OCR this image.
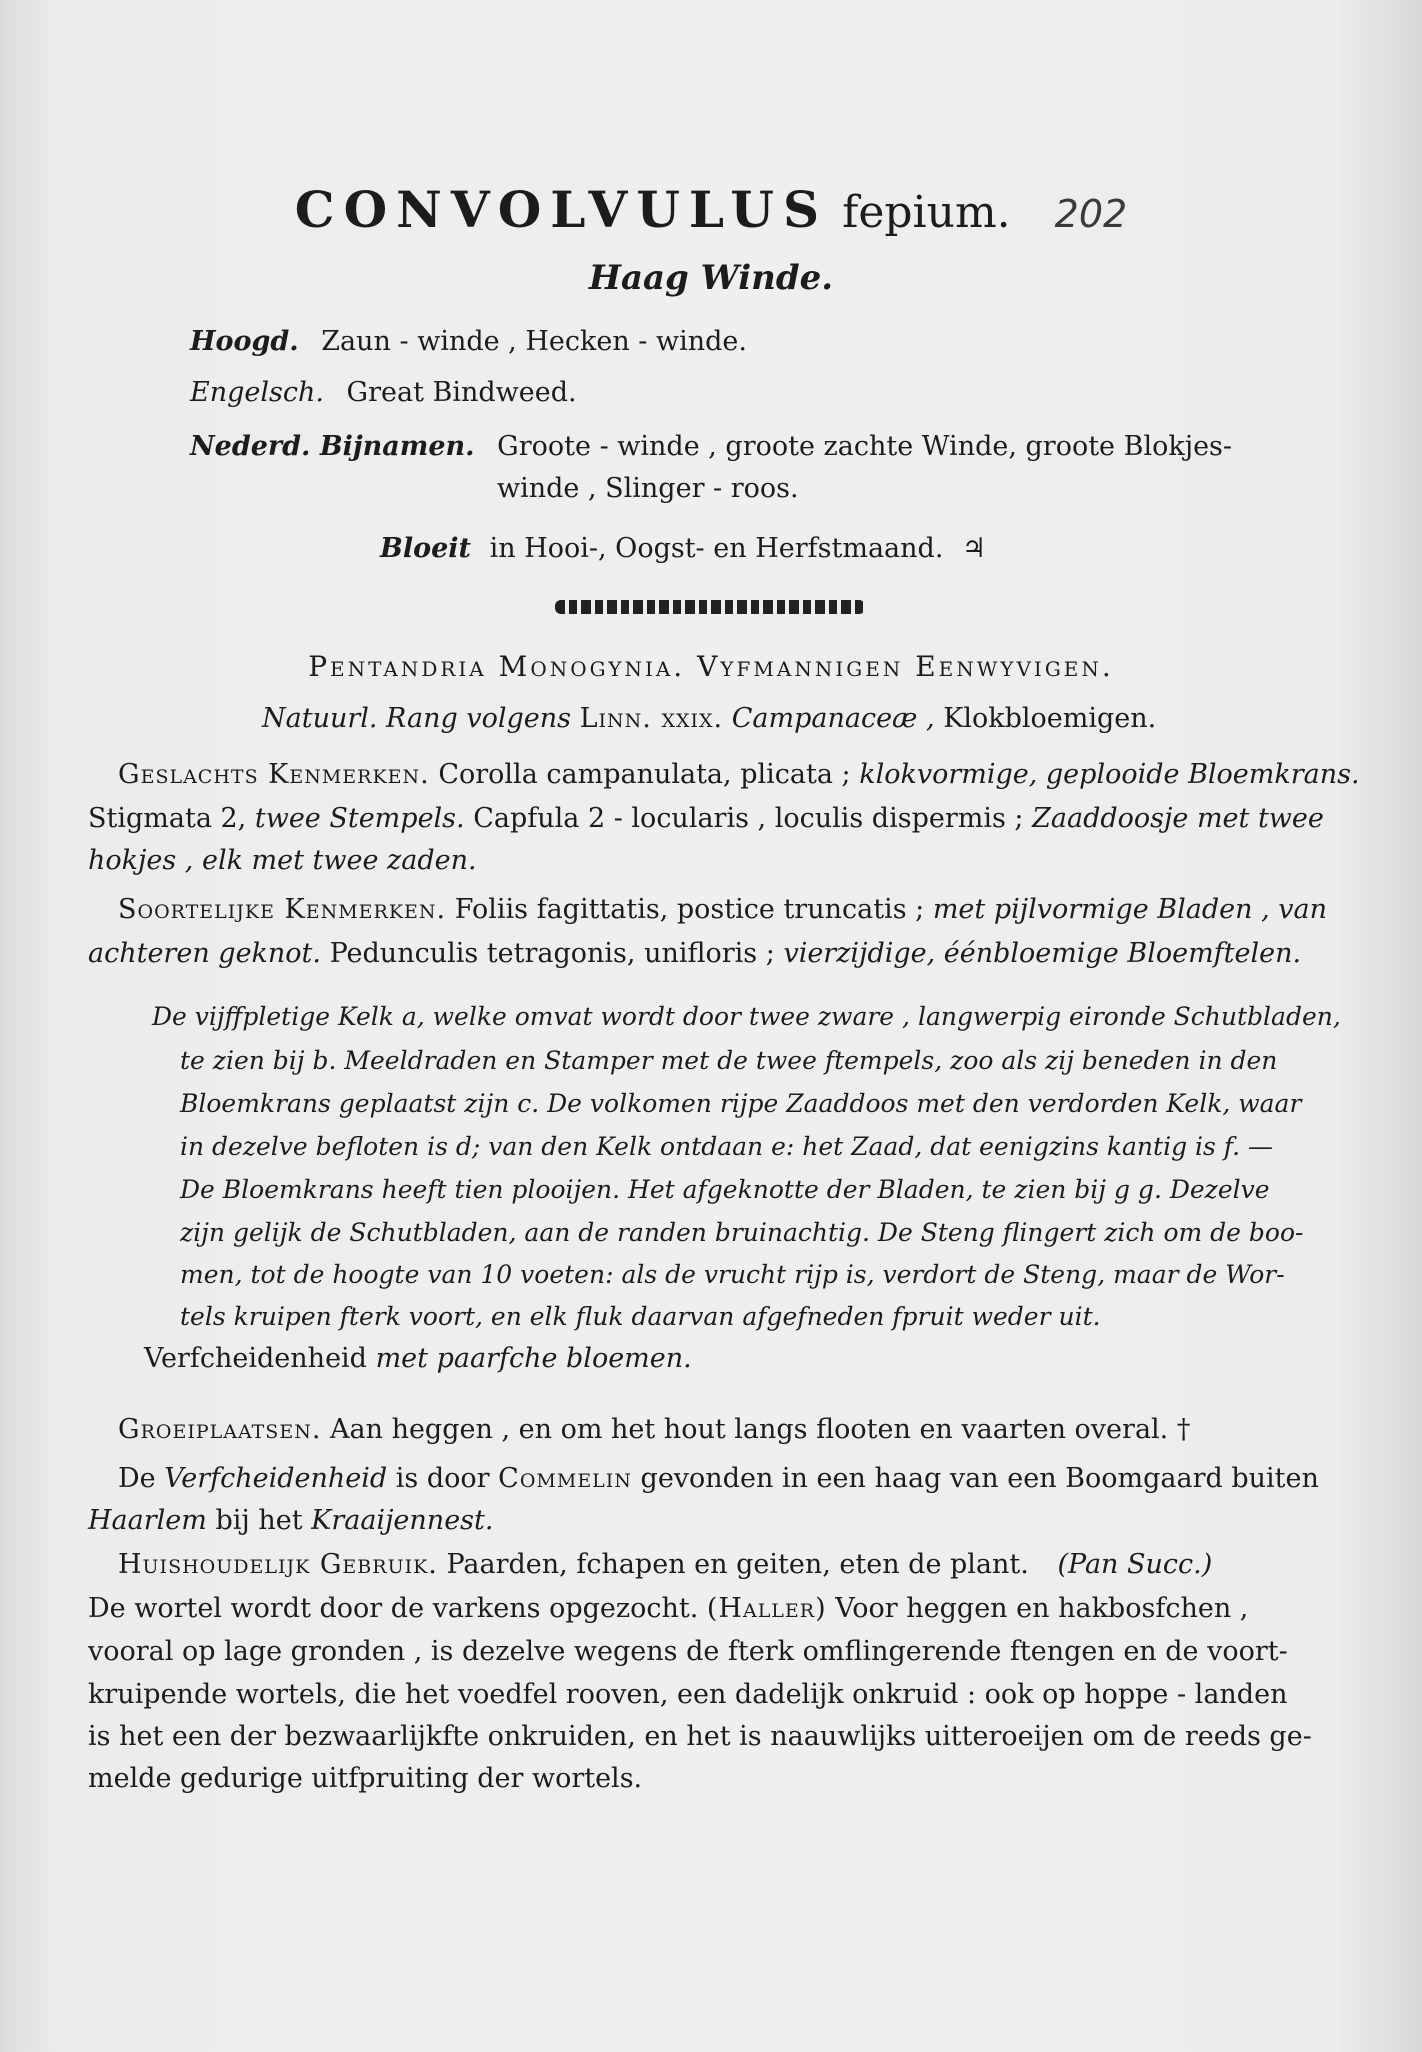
CONVOLVULUS fepium. 202
Haag Winde.
Hoogd. Zaun - winde , Hecken - winde.
Engelsch. Great Bindweed.
Nederd. Bijnamen. Groote - winde , groote zachte Winde, groote Blokjes-
winde , Slinger - roos.
Bloeit in Hooi-, Oogst- en Herfstmaand. ♃
Pentandria Monogynia. Vyfmannigen Eenwyvigen.
Natuurl. Rang volgens Linn. xxix. Campanaceæ , Klokbloemigen.
Geslachts Kenmerken. Corolla campanulata, plicata ; klokvormige, geplooide Bloemkrans.
Stigmata 2, twee Stempels. Capfula 2 - locularis , loculis dispermis ; Zaaddoosje met twee
hokjes , elk met twee zaden.
Soortelijke Kenmerken. Foliis fagittatis, postice truncatis ; met pijlvormige Bladen , van
achteren geknot. Pedunculis tetragonis, unifloris ; vierzijdige, éénbloemige Bloemftelen.
De vijffpletige Kelk a, welke omvat wordt door twee zware , langwerpig eironde Schutbladen,
te zien bij b. Meeldraden en Stamper met de twee ftempels, zoo als zij beneden in den
Bloemkrans geplaatst zijn c. De volkomen rijpe Zaaddoos met den verdorden Kelk, waar
in dezelve befloten is d; van den Kelk ontdaan e: het Zaad, dat eenigzins kantig is f. —
De Bloemkrans heeft tien plooijen. Het afgeknotte der Bladen, te zien bij g g. Dezelve
zijn gelijk de Schutbladen, aan de randen bruinachtig. De Steng flingert zich om de boo-
men, tot de hoogte van 10 voeten: als de vrucht rijp is, verdort de Steng, maar de Wor-
tels kruipen fterk voort, en elk fluk daarvan afgefneden fpruit weder uit.
Verfcheidenheid met paarfche bloemen.
Groeiplaatsen. Aan heggen , en om het hout langs flooten en vaarten overal. †
De Verfcheidenheid is door Commelin gevonden in een haag van een Boomgaard buiten
Haarlem bij het Kraaijennest.
Huishoudelijk Gebruik. Paarden, fchapen en geiten, eten de plant. (Pan Succ.)
De wortel wordt door de varkens opgezocht. (Haller) Voor heggen en hakbosfchen ,
vooral op lage gronden , is dezelve wegens de fterk omflingerende ftengen en de voort-
kruipende wortels, die het voedfel rooven, een dadelijk onkruid : ook op hoppe - landen
is het een der bezwaarlijkfte onkruiden, en het is naauwlijks uitteroeijen om de reeds ge-
melde gedurige uitfpruiting der wortels.
